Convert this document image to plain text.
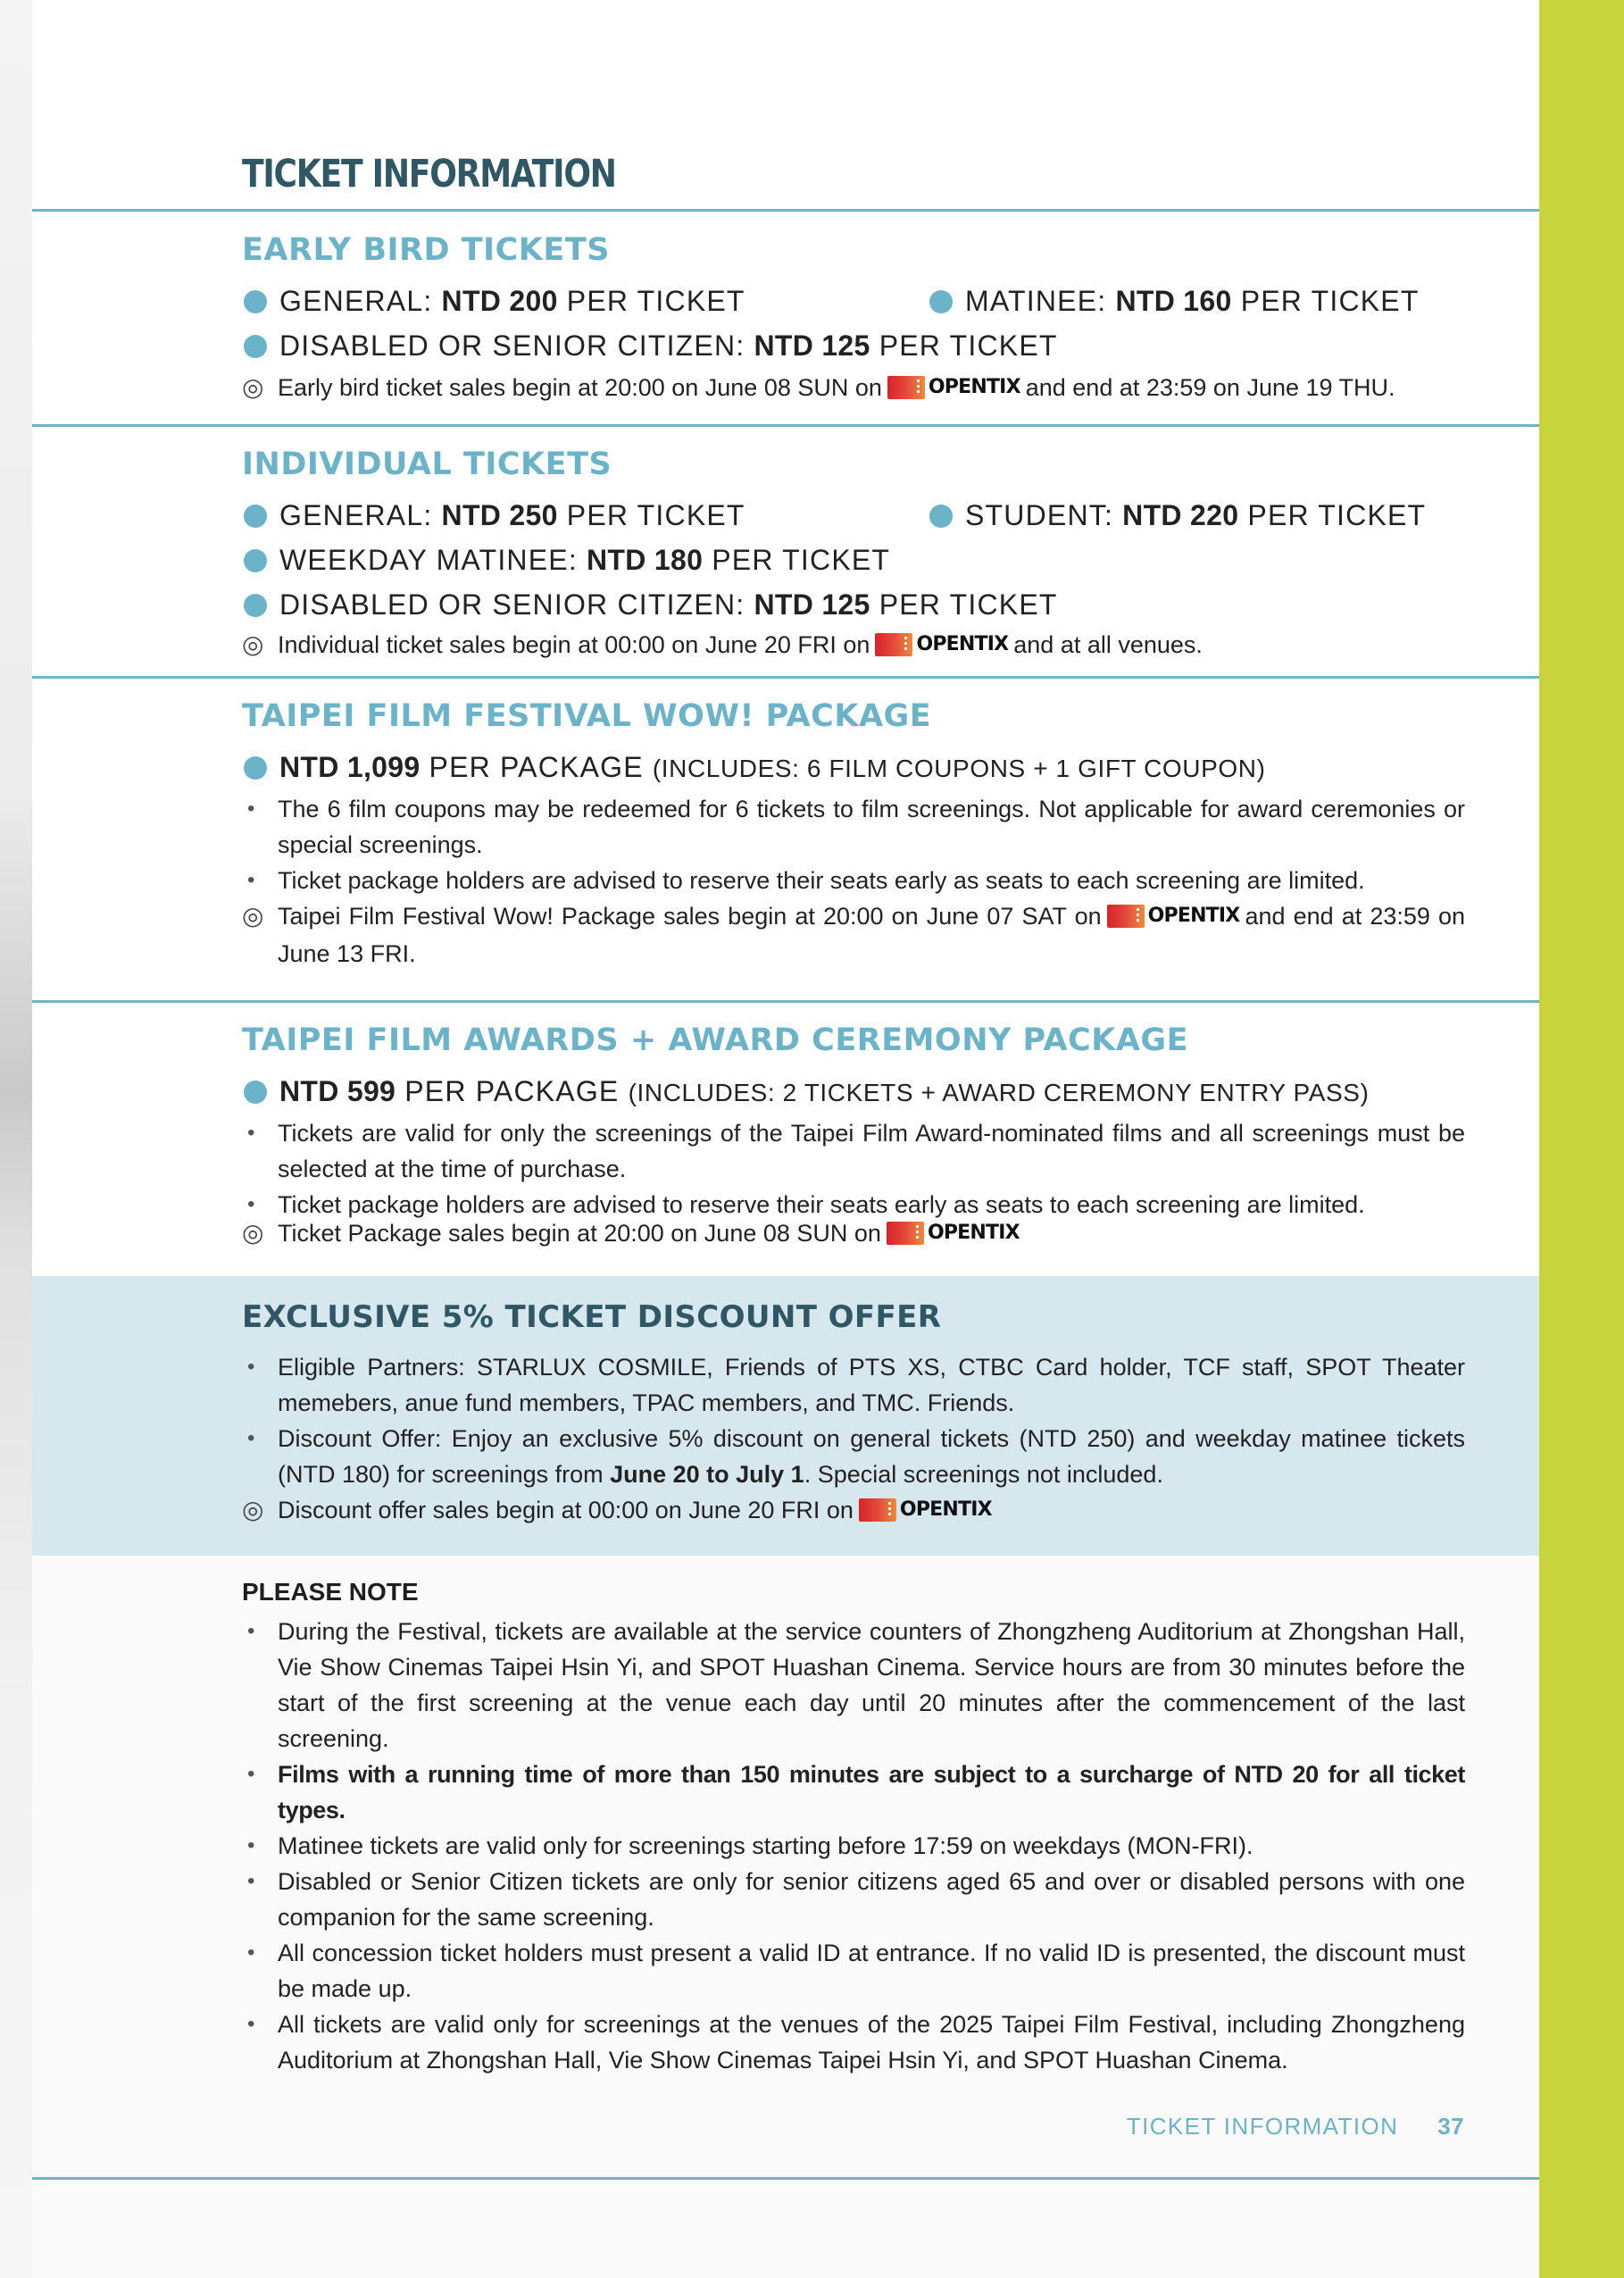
TICKET INFORMATION
EARLY BIRD TICKETS
GENERAL: NTD 200 PER TICKET	MATINEE: NTD 160 PER TICKET
DISABLED OR SENIOR CITIZEN: NTD 125 PER TICKET
◎ Early bird ticket sales begin at 20:00 on June 08 SUN on OPENTIX and end at 23:59 on June 19 THU.
INDIVIDUAL TICKETS
GENERAL: NTD 250 PER TICKET	STUDENT: NTD 220 PER TICKET
WEEKDAY MATINEE: NTD 180 PER TICKET
DISABLED OR SENIOR CITIZEN: NTD 125 PER TICKET
◎ Individual ticket sales begin at 00:00 on June 20 FRI on OPENTIX and at all venues.
TAIPEI FILM FESTIVAL WOW! PACKAGE
NTD 1,099 PER PACKAGE (INCLUDES: 6 FILM COUPONS + 1 GIFT COUPON)
• The 6 film coupons may be redeemed for 6 tickets to film screenings. Not applicable for award ceremonies or special screenings.
• Ticket package holders are advised to reserve their seats early as seats to each screening are limited.
◎ Taipei Film Festival Wow! Package sales begin at 20:00 on June 07 SAT on OPENTIX and end at 23:59 on June 13 FRI.
TAIPEI FILM AWARDS + AWARD CEREMONY PACKAGE
NTD 599 PER PACKAGE (INCLUDES: 2 TICKETS + AWARD CEREMONY ENTRY PASS)
• Tickets are valid for only the screenings of the Taipei Film Award-nominated films and all screenings must be selected at the time of purchase.
• Ticket package holders are advised to reserve their seats early as seats to each screening are limited.
◎ Ticket Package sales begin at 20:00 on June 08 SUN on OPENTIX
EXCLUSIVE 5% TICKET DISCOUNT OFFER
• Eligible Partners: STARLUX COSMILE, Friends of PTS XS, CTBC Card holder, TCF staff, SPOT Theater memebers, anue fund members, TPAC members, and TMC. Friends.
• Discount Offer: Enjoy an exclusive 5% discount on general tickets (NTD 250) and weekday matinee tickets (NTD 180) for screenings from June 20 to July 1. Special screenings not included.
◎ Discount offer sales begin at 00:00 on June 20 FRI on OPENTIX
PLEASE NOTE
• During the Festival, tickets are available at the service counters of Zhongzheng Auditorium at Zhongshan Hall, Vie Show Cinemas Taipei Hsin Yi, and SPOT Huashan Cinema. Service hours are from 30 minutes before the start of the first screening at the venue each day until 20 minutes after the commencement of the last screening.
• Films with a running time of more than 150 minutes are subject to a surcharge of NTD 20 for all ticket types.
• Matinee tickets are valid only for screenings starting before 17:59 on weekdays (MON-FRI).
• Disabled or Senior Citizen tickets are only for senior citizens aged 65 and over or disabled persons with one companion for the same screening.
• All concession ticket holders must present a valid ID at entrance. If no valid ID is presented, the discount must be made up.
• All tickets are valid only for screenings at the venues of the 2025 Taipei Film Festival, including Zhongzheng Auditorium at Zhongshan Hall, Vie Show Cinemas Taipei Hsin Yi, and SPOT Huashan Cinema.
TICKET INFORMATION 37
